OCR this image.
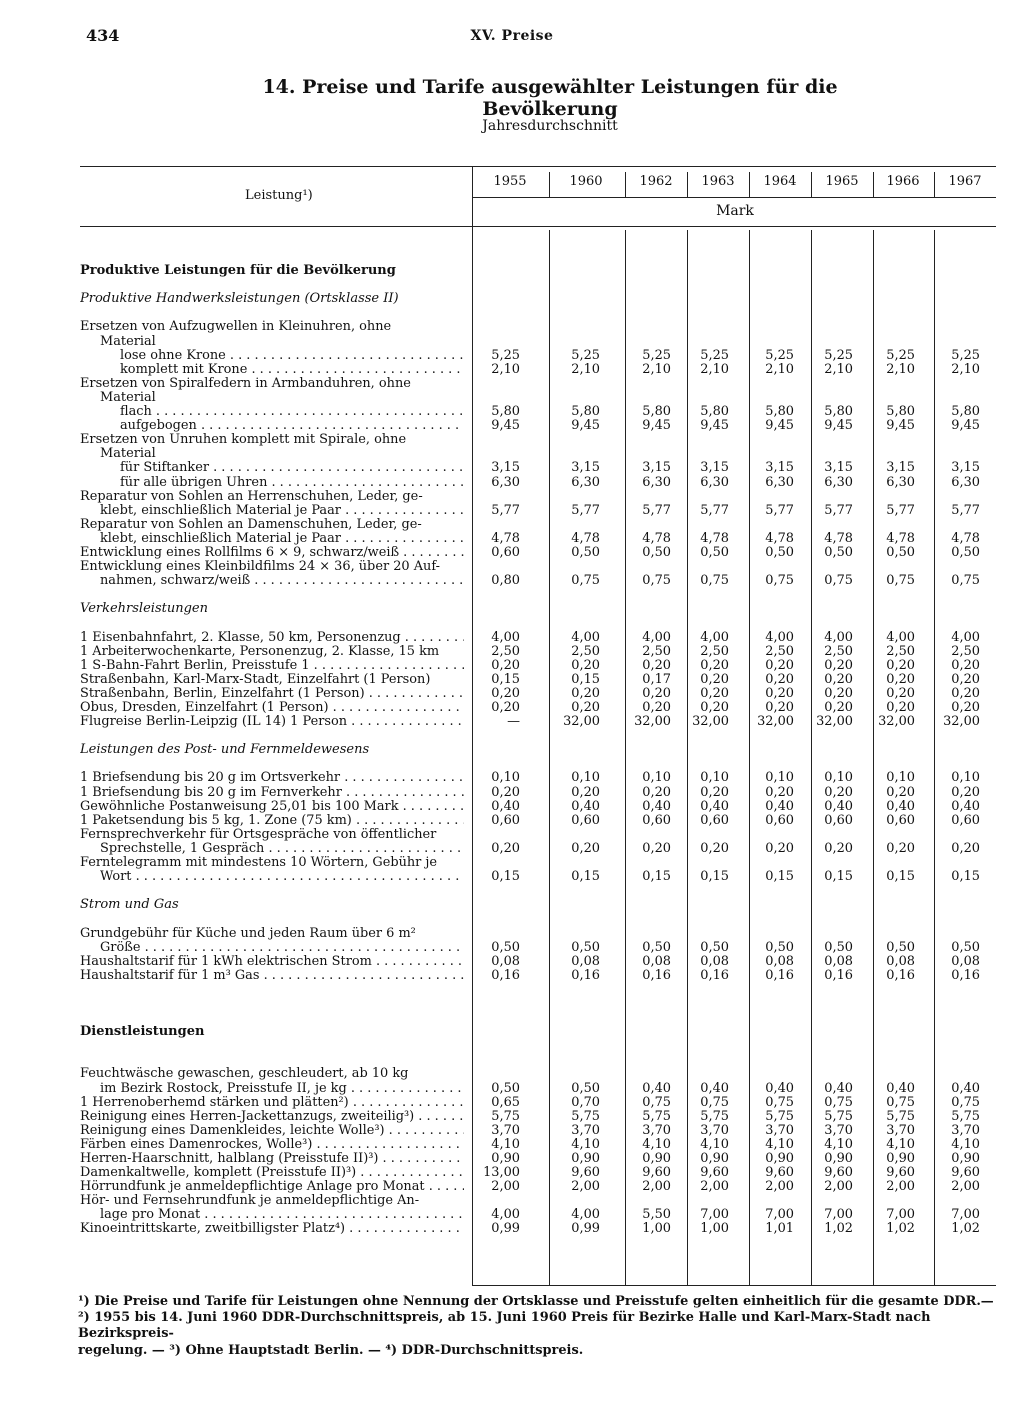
434	XV. Preise
14. Preise und Tarife ausgewählter Leistungen für die Bevölkerung
Jahresdurchschnitt
Leistung¹)
Mark
1955	1960	1962	1963	1964	1965	1966	1967
Produktive Leistungen für die Bevölkerung
Produktive Handwerksleistungen (Ortsklasse II)
Ersetzen von Aufzugwellen in Kleinuhren, ohne
Material
lose ohne Krone . . .	5,25	5,25	5,25	5,25	5,25	5,25	5,25	5,25
komplett mit Krone . . .	2,10	2,10	2,10	2,10	2,10	2,10	2,10	2,10
Ersetzen von Spiralfedern in Armbanduhren, ohne
Material
flach . . .	5,80	5,80	5,80	5,80	5,80	5,80	5,80	5,80
aufgebogen . . .	9,45	9,45	9,45	9,45	9,45	9,45	9,45	9,45
Ersetzen von Unruhen komplett mit Spirale, ohne
Material
für Stiftanker . . .	3,15	3,15	3,15	3,15	3,15	3,15	3,15	3,15
für alle übrigen Uhren . . .	6,30	6,30	6,30	6,30	6,30	6,30	6,30	6,30
Reparatur von Sohlen an Herrenschuhen, Leder, ge-
klebt, einschließlich Material je Paar . . .	5,77	5,77	5,77	5,77	5,77	5,77	5,77	5,77
Reparatur von Sohlen an Damenschuhen, Leder, ge-
klebt, einschließlich Material je Paar . . .	4,78	4,78	4,78	4,78	4,78	4,78	4,78	4,78
Entwicklung eines Rollfilms 6 × 9, schwarz/weiß . . .	0,60	0,50	0,50	0,50	0,50	0,50	0,50	0,50
Entwicklung eines Kleinbildfilms 24 × 36, über 20 Auf-
nahmen, schwarz/weiß . . .	0,80	0,75	0,75	0,75	0,75	0,75	0,75	0,75
Verkehrsleistungen
1 Eisenbahnfahrt, 2. Klasse, 50 km, Personenzug . . .	4,00	4,00	4,00	4,00	4,00	4,00	4,00	4,00
1 Arbeiterwochenkarte, Personenzug, 2. Klasse, 15 km	2,50	2,50	2,50	2,50	2,50	2,50	2,50	2,50
1 S-Bahn-Fahrt Berlin, Preisstufe 1 . . .	0,20	0,20	0,20	0,20	0,20	0,20	0,20	0,20
Straßenbahn, Karl-Marx-Stadt, Einzelfahrt (1 Person)	0,15	0,15	0,17	0,20	0,20	0,20	0,20	0,20
Straßenbahn, Berlin, Einzelfahrt (1 Person) . . .	0,20	0,20	0,20	0,20	0,20	0,20	0,20	0,20
Obus, Dresden, Einzelfahrt (1 Person) . . .	0,20	0,20	0,20	0,20	0,20	0,20	0,20	0,20
Flugreise Berlin-Leipzig (IL 14) 1 Person . . .	—	32,00	32,00	32,00	32,00	32,00	32,00	32,00
Leistungen des Post- und Fernmeldewesens
1 Briefsendung bis 20 g im Ortsverkehr . . .	0,10	0,10	0,10	0,10	0,10	0,10	0,10	0,10
1 Briefsendung bis 20 g im Fernverkehr . . .	0,20	0,20	0,20	0,20	0,20	0,20	0,20	0,20
Gewöhnliche Postanweisung 25,01 bis 100 Mark . . .	0,40	0,40	0,40	0,40	0,40	0,40	0,40	0,40
1 Paketsendung bis 5 kg, 1. Zone (75 km) . . .	0,60	0,60	0,60	0,60	0,60	0,60	0,60	0,60
Fernsprechverkehr für Ortsgespräche von öffentlicher
Sprechstelle, 1 Gespräch . . .	0,20	0,20	0,20	0,20	0,20	0,20	0,20	0,20
Ferntelegramm mit mindestens 10 Wörtern, Gebühr je
Wort . . .	0,15	0,15	0,15	0,15	0,15	0,15	0,15	0,15
Strom und Gas
Grundgebühr für Küche und jeden Raum über 6 m²
Größe . . .	0,50	0,50	0,50	0,50	0,50	0,50	0,50	0,50
Haushaltstarif für 1 kWh elektrischen Strom . . .	0,08	0,08	0,08	0,08	0,08	0,08	0,08	0,08
Haushaltstarif für 1 m³ Gas . . .	0,16	0,16	0,16	0,16	0,16	0,16	0,16	0,16
Dienstleistungen
Feuchtwäsche gewaschen, geschleudert, ab 10 kg
im Bezirk Rostock, Preisstufe II, je kg . . .	0,50	0,50	0,40	0,40	0,40	0,40	0,40	0,40
1 Herrenoberhemd stärken und plätten²) . . .	0,65	0,70	0,75	0,75	0,75	0,75	0,75	0,75
Reinigung eines Herren-Jackettanzugs, zweiteilig³) . . .	5,75	5,75	5,75	5,75	5,75	5,75	5,75	5,75
Reinigung eines Damenkleides, leichte Wolle³) . . .	3,70	3,70	3,70	3,70	3,70	3,70	3,70	3,70
Färben eines Damenrockes, Wolle³) . . .	4,10	4,10	4,10	4,10	4,10	4,10	4,10	4,10
Herren-Haarschnitt, halblang (Preisstufe II)³) . . .	0,90	0,90	0,90	0,90	0,90	0,90	0,90	0,90
Damenkaltwelle, komplett (Preisstufe II)³) . . .	13,00	9,60	9,60	9,60	9,60	9,60	9,60	9,60
Hörrundfunk je anmeldepflichtige Anlage pro Monat . . .	2,00	2,00	2,00	2,00	2,00	2,00	2,00	2,00
Hör- und Fernsehrundfunk je anmeldepflichtige An-
lage pro Monat . . .	4,00	4,00	5,50	7,00	7,00	7,00	7,00	7,00
Kinoeintrittskarte, zweitbilligster Platz⁴) . . .	0,99	0,99	1,00	1,00	1,01	1,02	1,02	1,02

¹) Die Preise und Tarife für Leistungen ohne Nennung der Ortsklasse und Preisstufe gelten einheitlich für die gesamte DDR.—

²) 1955 bis 14. Juni 1960 DDR-Durchschnittspreis, ab 15. Juni 1960 Preis für Bezirke Halle und Karl-Marx-Stadt nach Bezirkspreis-

regelung. — ³) Ohne Hauptstadt Berlin. — ⁴) DDR-Durchschnittspreis.
